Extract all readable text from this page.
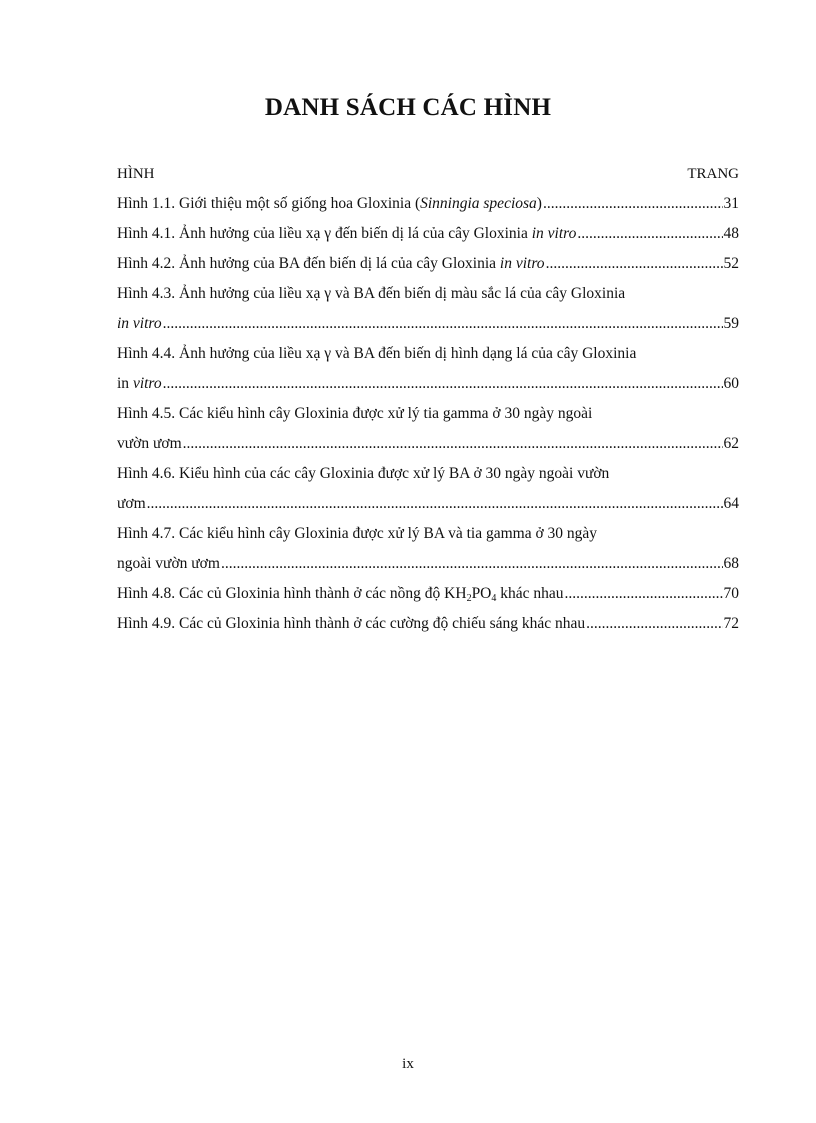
DANH SÁCH CÁC HÌNH
HÌNH	TRANG
Hình 1.1. Giới thiệu một số giống hoa Gloxinia (Sinningia speciosa) .....	31
Hình 4.1. Ảnh hưởng của liều xạ γ đến biến dị lá của cây Gloxinia in vitro .....	48
Hình 4.2. Ảnh hưởng của BA đến biến dị lá của cây Gloxinia in vitro .....	52
Hình 4.3. Ảnh hưởng của liều xạ γ và BA đến biến dị màu sắc lá của cây Gloxinia
in vitro .....	59
Hình 4.4. Ảnh hưởng của liều xạ γ và BA đến biến dị hình dạng lá của cây Gloxinia
in vitro .....	60
Hình 4.5. Các kiểu hình cây Gloxinia được xử lý tia gamma ở 30 ngày ngoài
vườn ươm .....	62
Hình 4.6. Kiểu hình của các cây Gloxinia được xử lý BA ở 30 ngày ngoài vườn
ươm .....	64
Hình 4.7. Các kiểu hình cây Gloxinia được xử lý BA và tia gamma ở 30 ngày
ngoài vườn ươm .....	68
Hình 4.8. Các củ Gloxinia hình thành ở các nồng độ $KH_2PO_4$ khác nhau .....	70
Hình 4.9. Các củ Gloxinia hình thành ở các cường độ chiếu sáng khác nhau .....	72
ix
